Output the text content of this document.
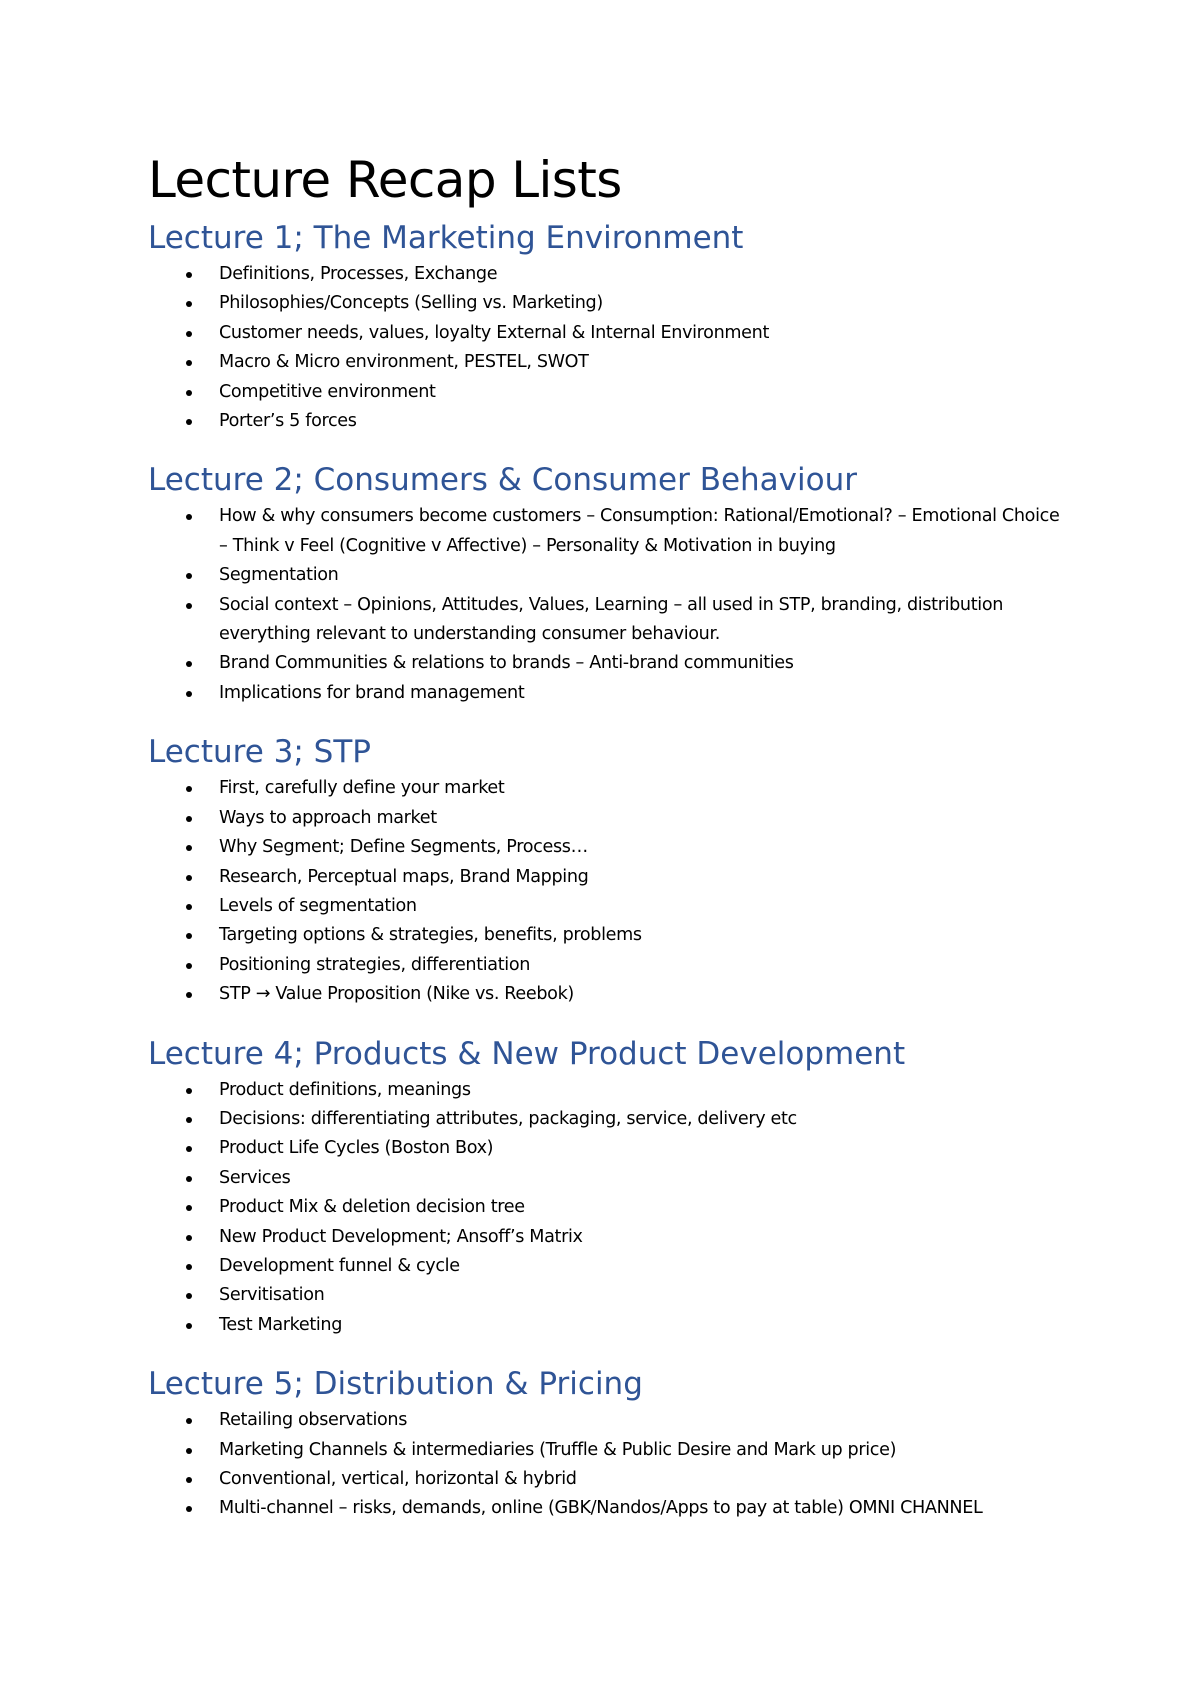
Lecture Recap Lists
Lecture 1; The Marketing Environment
Definitions, Processes, Exchange
Philosophies/Concepts (Selling vs. Marketing)
Customer needs, values, loyalty External & Internal Environment
Macro & Micro environment, PESTEL, SWOT
Competitive environment
Porter’s 5 forces
Lecture 2; Consumers & Consumer Behaviour
How & why consumers become customers – Consumption: Rational/Emotional? – Emotional Choice – Think v Feel (Cognitive v Affective) – Personality & Motivation in buying
Segmentation
Social context – Opinions, Attitudes, Values, Learning – all used in STP, branding, distribution everything relevant to understanding consumer behaviour.
Brand Communities & relations to brands – Anti-brand communities
Implications for brand management
Lecture 3; STP
First, carefully define your market
Ways to approach market
Why Segment; Define Segments, Process…
Research, Perceptual maps, Brand Mapping
Levels of segmentation
Targeting options & strategies, benefits, problems
Positioning strategies, differentiation
STP → Value Proposition (Nike vs. Reebok)
Lecture 4; Products & New Product Development
Product definitions, meanings
Decisions: differentiating attributes, packaging, service, delivery etc
Product Life Cycles (Boston Box)
Services
Product Mix & deletion decision tree
New Product Development; Ansoff’s Matrix
Development funnel & cycle
Servitisation
Test Marketing
Lecture 5; Distribution & Pricing
Retailing observations
Marketing Channels & intermediaries (Truffle & Public Desire and Mark up price)
Conventional, vertical, horizontal & hybrid
Multi-channel – risks, demands, online (GBK/Nandos/Apps to pay at table) OMNI CHANNEL
